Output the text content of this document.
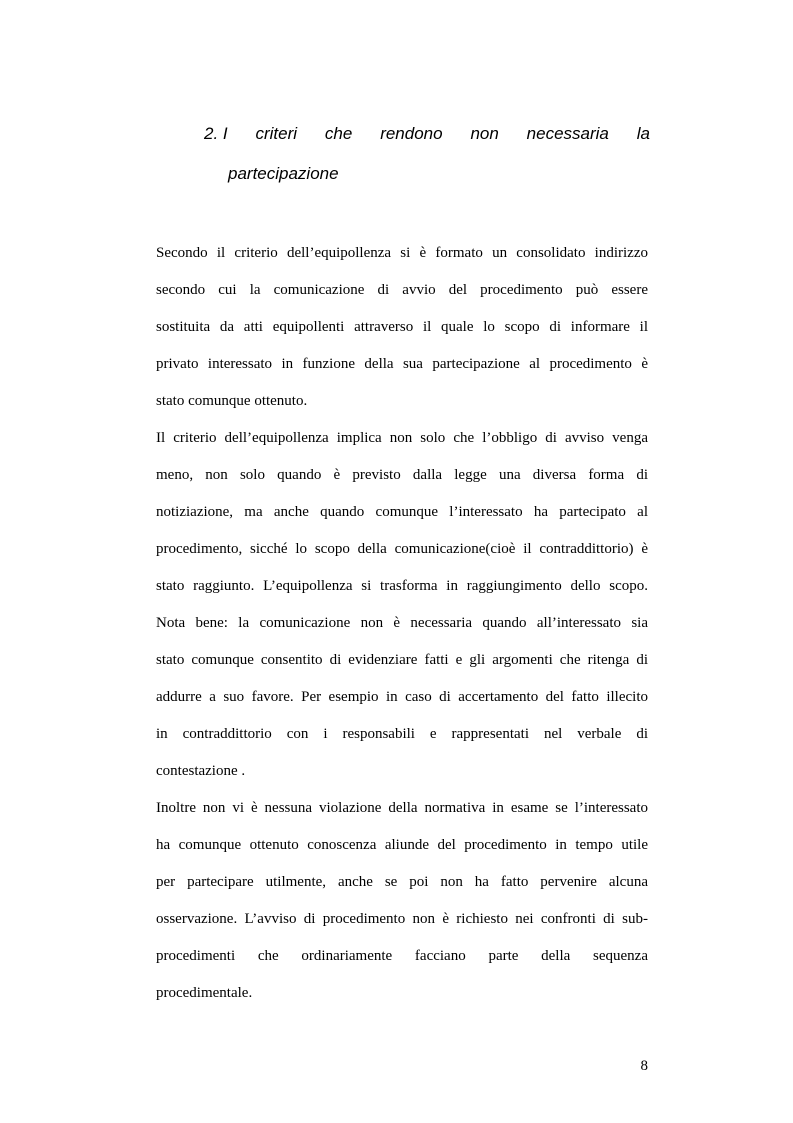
2. I criteri che rendono non necessaria la
partecipazione
Secondo il criterio dell’equipollenza si è formato un consolidato indirizzo
secondo cui la comunicazione di avvio del procedimento può essere
sostituita da atti equipollenti attraverso il quale lo scopo di informare il
privato interessato in funzione della sua partecipazione al procedimento è
stato comunque ottenuto.
Il criterio dell’equipollenza implica non solo che l’obbligo di avviso venga
meno, non solo quando è previsto dalla legge una diversa forma di
notiziazione, ma anche quando comunque l’interessato ha partecipato al
procedimento, sicché lo scopo della comunicazione(cioè il contraddittorio) è
stato raggiunto. L’equipollenza si trasforma in raggiungimento dello scopo.
Nota bene: la comunicazione non è necessaria quando all’interessato sia
stato comunque consentito di evidenziare fatti e gli argomenti che ritenga di
addurre a suo favore. Per esempio in caso di accertamento del fatto illecito
in contraddittorio con i responsabili e rappresentati nel verbale di
contestazione .
Inoltre non vi è nessuna violazione della normativa in esame se l’interessato
ha comunque ottenuto conoscenza aliunde del procedimento in tempo utile
per partecipare utilmente, anche se poi non ha fatto pervenire alcuna
osservazione. L’avviso di procedimento non è richiesto nei confronti di sub-
procedimenti che ordinariamente facciano parte della sequenza
procedimentale.
8
